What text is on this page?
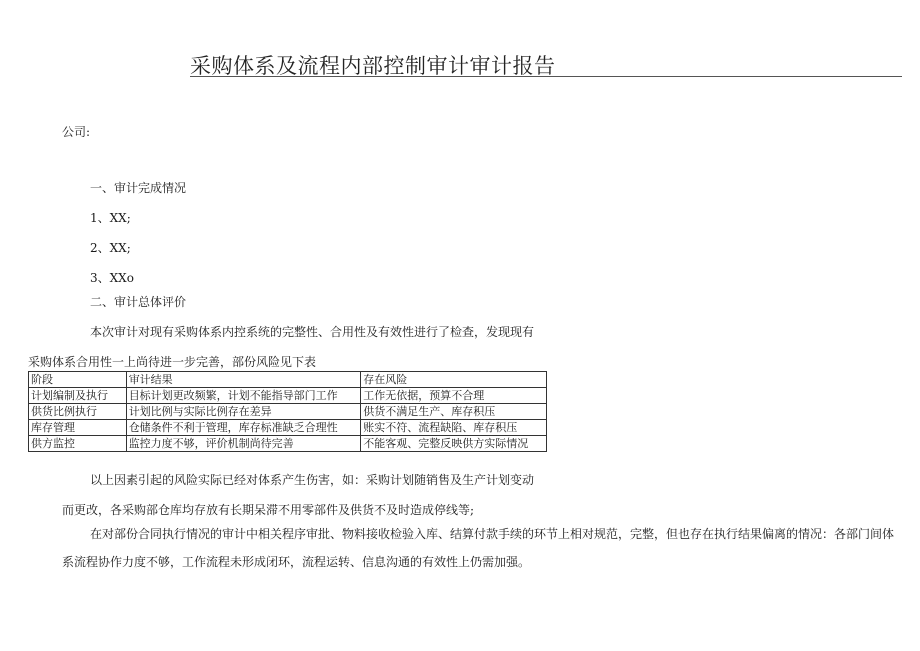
采购体系及流程内部控制审计审计报告
公司:
一、审计完成情况
1、XX;
2、XX;
3、XXo
二、审计总体评价
本次审计对现有采购体系内控系统的完整性、合用性及有效性进行了检查，发现现有
采购体系合用性一上尚待进一步完善，部份风险见下表
阶段	审计结果	存在风险
计划编制及执行	目标计划更改频繁，计划不能指导部门工作	工作无依据，预算不合理
供货比例执行	计划比例与实际比例存在差异	供货不满足生产、库存积压
库存管理	仓储条件不利于管理，库存标准缺乏合理性	账实不符、流程缺陷、库存积压
供方监控	监控力度不够，评价机制尚待完善	不能客观、完整反映供方实际情况
以上因素引起的风险实际已经对体系产生伤害，如：采购计划随销售及生产计划变动
而更改，各采购部仓库均存放有长期呆滞不用零部件及供货不及时造成停线等;
在对部份合同执行情况的审计中相关程序审批、物料接收检验入库、结算付款手续的环节上相对规范，完整，但也存在执行结果偏离的情况：各部门间体
系流程协作力度不够，工作流程未形成闭环，流程运转、信息沟通的有效性上仍需加强。
